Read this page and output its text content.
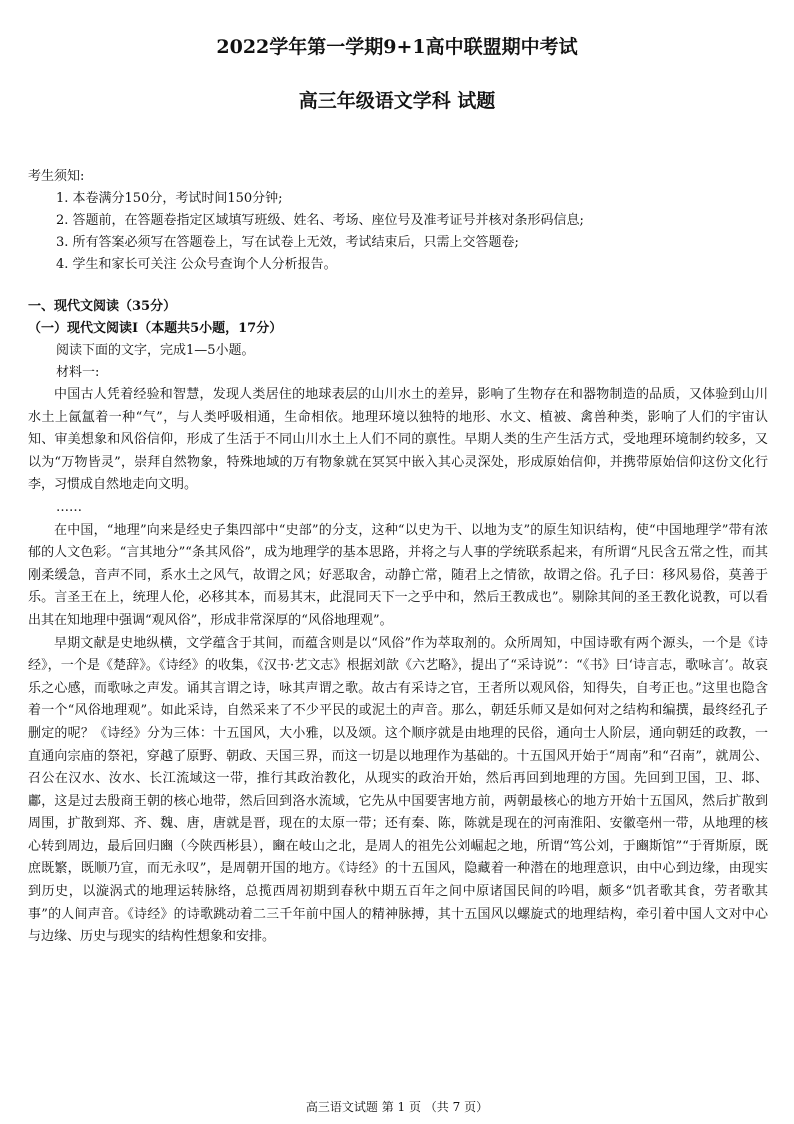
2022学年第一学期9+1高中联盟期中考试
高三年级语文学科 试题
考生须知:
1. 本卷满分150分，考试时间150分钟;
2. 答题前，在答题卷指定区域填写班级、姓名、考场、座位号及准考证号并核对条形码信息;
3. 所有答案必须写在答题卷上，写在试卷上无效，考试结束后，只需上交答题卷;
4. 学生和家长可关注 公众号查询个人分析报告。
一、现代文阅读（35分）
（一）现代文阅读Ⅰ（本题共5小题，17分）
阅读下面的文字，完成1—5小题。
材料一:

中国古人凭着经验和智慧，发现人类居住的地球表层的山川水土的差异，影响了生物存在和器物制造的品质，又体验到山川水土上氤氲着一种“气”，与人类呼吸相通，生命相依。地理环境以独特的地形、水文、植被、禽兽种类，影响了人们的宇宙认知、审美想象和风俗信仰，形成了生活于不同山川水土上人们不同的禀性。早期人类的生产生活方式，受地理环境制约较多，又以为“万物皆灵”，崇拜自然物象，特殊地域的万有物象就在冥冥中嵌入其心灵深处，形成原始信仰，并携带原始信仰这份文化行李，习惯成自然地走向文明。

……

在中国，“地理”向来是经史子集四部中“史部”的分支，这种“以史为干、以地为支”的原生知识结构，使“中国地理学”带有浓郁的人文色彩。“言其地分”“条其风俗”，成为地理学的基本思路，并将之与人事的学统联系起来，有所谓“凡民含五常之性，而其刚柔缓急，音声不同，系水土之风气，故谓之风；好恶取舍，动静亡常，随君上之情欲，故谓之俗。孔子曰：移风易俗，莫善于乐。言圣王在上，统理人伦，必移其本，而易其末，此混同天下一之乎中和，然后王教成也”。剔除其间的圣王教化说教，可以看出其在知地理中强调“观风俗”，形成非常深厚的“风俗地理观”。

早期文献是史地纵横，文学蕴含于其间，而蕴含则是以“风俗”作为萃取剂的。众所周知，中国诗歌有两个源头，一个是《诗经》，一个是《楚辞》。《诗经》的收集，《汉书·艺文志》根据刘歆《六艺略》，提出了“采诗说”：“《书》曰‘诗言志，歌咏言’。故哀乐之心感，而歌咏之声发。诵其言谓之诗，咏其声谓之歌。故古有采诗之官，王者所以观风俗，知得失，自考正也。”这里也隐含着一个“风俗地理观”。如此采诗，自然采来了不少平民的或泥土的声音。那么，朝廷乐师又是如何对之结构和编撰，最终经孔子删定的呢？《诗经》分为三体：十五国风，大小雅，以及颂。这个顺序就是由地理的民俗，通向士人阶层，通向朝廷的政教，一直通向宗庙的祭祀，穿越了原野、朝政、天国三界，而这一切是以地理作为基础的。十五国风开始于“周南”和“召南”，就周公、召公在汉水、汝水、长江流域这一带，推行其政治教化，从现实的政治开始，然后再回到地理的方国。先回到卫国，卫、邶、鄘，这是过去殷商王朝的核心地带，然后回到洛水流域，它先从中国要害地方前，两朝最核心的地方开始十五国风，然后扩散到周围，扩散到郑、齐、魏、唐，唐就是晋，现在的太原一带；还有秦、陈，陈就是现在的河南淮阳、安徽亳州一带，从地理的核心转到周边，最后回归豳（今陕西彬县），豳在岐山之北，是周人的祖先公刘崛起之地，所谓“笃公刘，于豳斯馆”“于胥斯原，既庶既繁，既顺乃宣，而无永叹”，是周朝开国的地方。《诗经》的十五国风，隐藏着一种潜在的地理意识，由中心到边缘，由现实到历史，以漩涡式的地理运转脉络，总揽西周初期到春秋中期五百年之间中原诸国民间的吟唱，颇多“饥者歌其食，劳者歌其事”的人间声音。《诗经》的诗歌跳动着二三千年前中国人的精神脉搏，其十五国风以螺旋式的地理结构，牵引着中国人文对中心与边缘、历史与现实的结构性想象和安排。

高三语文试题 第 1 页 （共 7 页）
